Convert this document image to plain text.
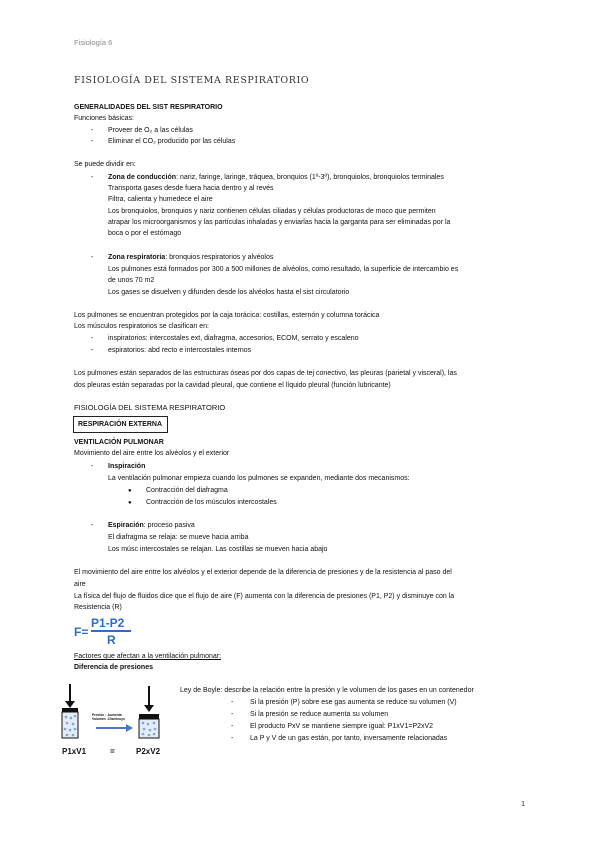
Fisiología 6
FISIOLOGÍA DEL SISTEMA RESPIRATORIO
GENERALIDADES DEL SIST RESPIRATORIO
Funciones básicas:
- Proveer de O₂ a las células
- Eliminar el CO₂ producido por las células
Se puede dividir en:
- Zona de conducción: nariz, faringe, laringe, tráquea, bronquios (1º-3º), bronquiolos, bronquiolos terminales
Transporta gases desde fuera hacia dentro y al revés
Filtra, calienta y humedece el aire
Los bronquiolos, bronquios y nariz contienen células ciliadas y células productoras de moco que permiten
atrapar los microorganismos y las partículas inhaladas y enviarlas hacia la garganta para ser eliminadas por la
boca o por el estómago
- Zona respiratoria: bronquios respiratorios y alvéolos
Los pulmones está formados por 300 a 500 millones de alvéolos, como resultado, la superficie de intercambio es
de unos 70 m2
Los gases se disuelven y difunden desde los alvéolos hasta el sist circulatorio
Los pulmones se encuentran protegidos por la caja torácica: costillas, esternón y columna torácica
Los músculos respiratorios se clasifican en:
- inspiratorios: intercostales ext, diafragma, accesorios, ECOM, serrato y escaleno
- espiratorios: abd recto e intercostales internos
Los pulmones están separados de las estructuras óseas por dos capas de tej conectivo, las pleuras (parietal y visceral), las
dos pleuras están separadas por la cavidad pleural, que contiene el líquido pleural (función lubricante)
FISIOLOGÍA DEL SISTEMA RESPIRATORIO
RESPIRACIÓN EXTERNA
VENTILACIÓN PULMONAR
Movimiento del aire entre los alvéolos y el exterior
- Inspiración
La ventilación pulmonar empieza cuando los pulmones se expanden, mediante dos mecanismos:
● Contracción del diafragma
● Contracción de los músculos intercostales
- Espiración: proceso pasiva
El diafragma se relaja: se mueve hacia arriba
Los músc intercostales se relajan. Las costillas se mueven hacia abajo
El movimiento del aire entre los alvéolos y el exterior depende de la diferencia de presiones y de la resistencia al paso del
aire
La física del flujo de fluidos dice que el flujo de aire (F) aumenta con la diferencia de presiones (P1, P2) y disminuye con la
Resistencia (R)
F=
P1-P2
R
Factores que afectan a la ventilación pulmonar:
Diferencia de presiones
Presión ↑ Aumenta
Volumen ↓Disminuye
P1xV1	=	P2xV2
Ley de Boyle: describe la relación entre la presión y le volumen de los gases en un contenedor
- Si la presión (P) sobre ese gas aumenta se reduce su volumen (V)
- Si la presión se reduce aumenta su volumen
- El producto PxV se mantiene siempre igual: P1xV1=P2xV2
- La P y V de un gas están, por tanto, inversamente relacionadas
1
